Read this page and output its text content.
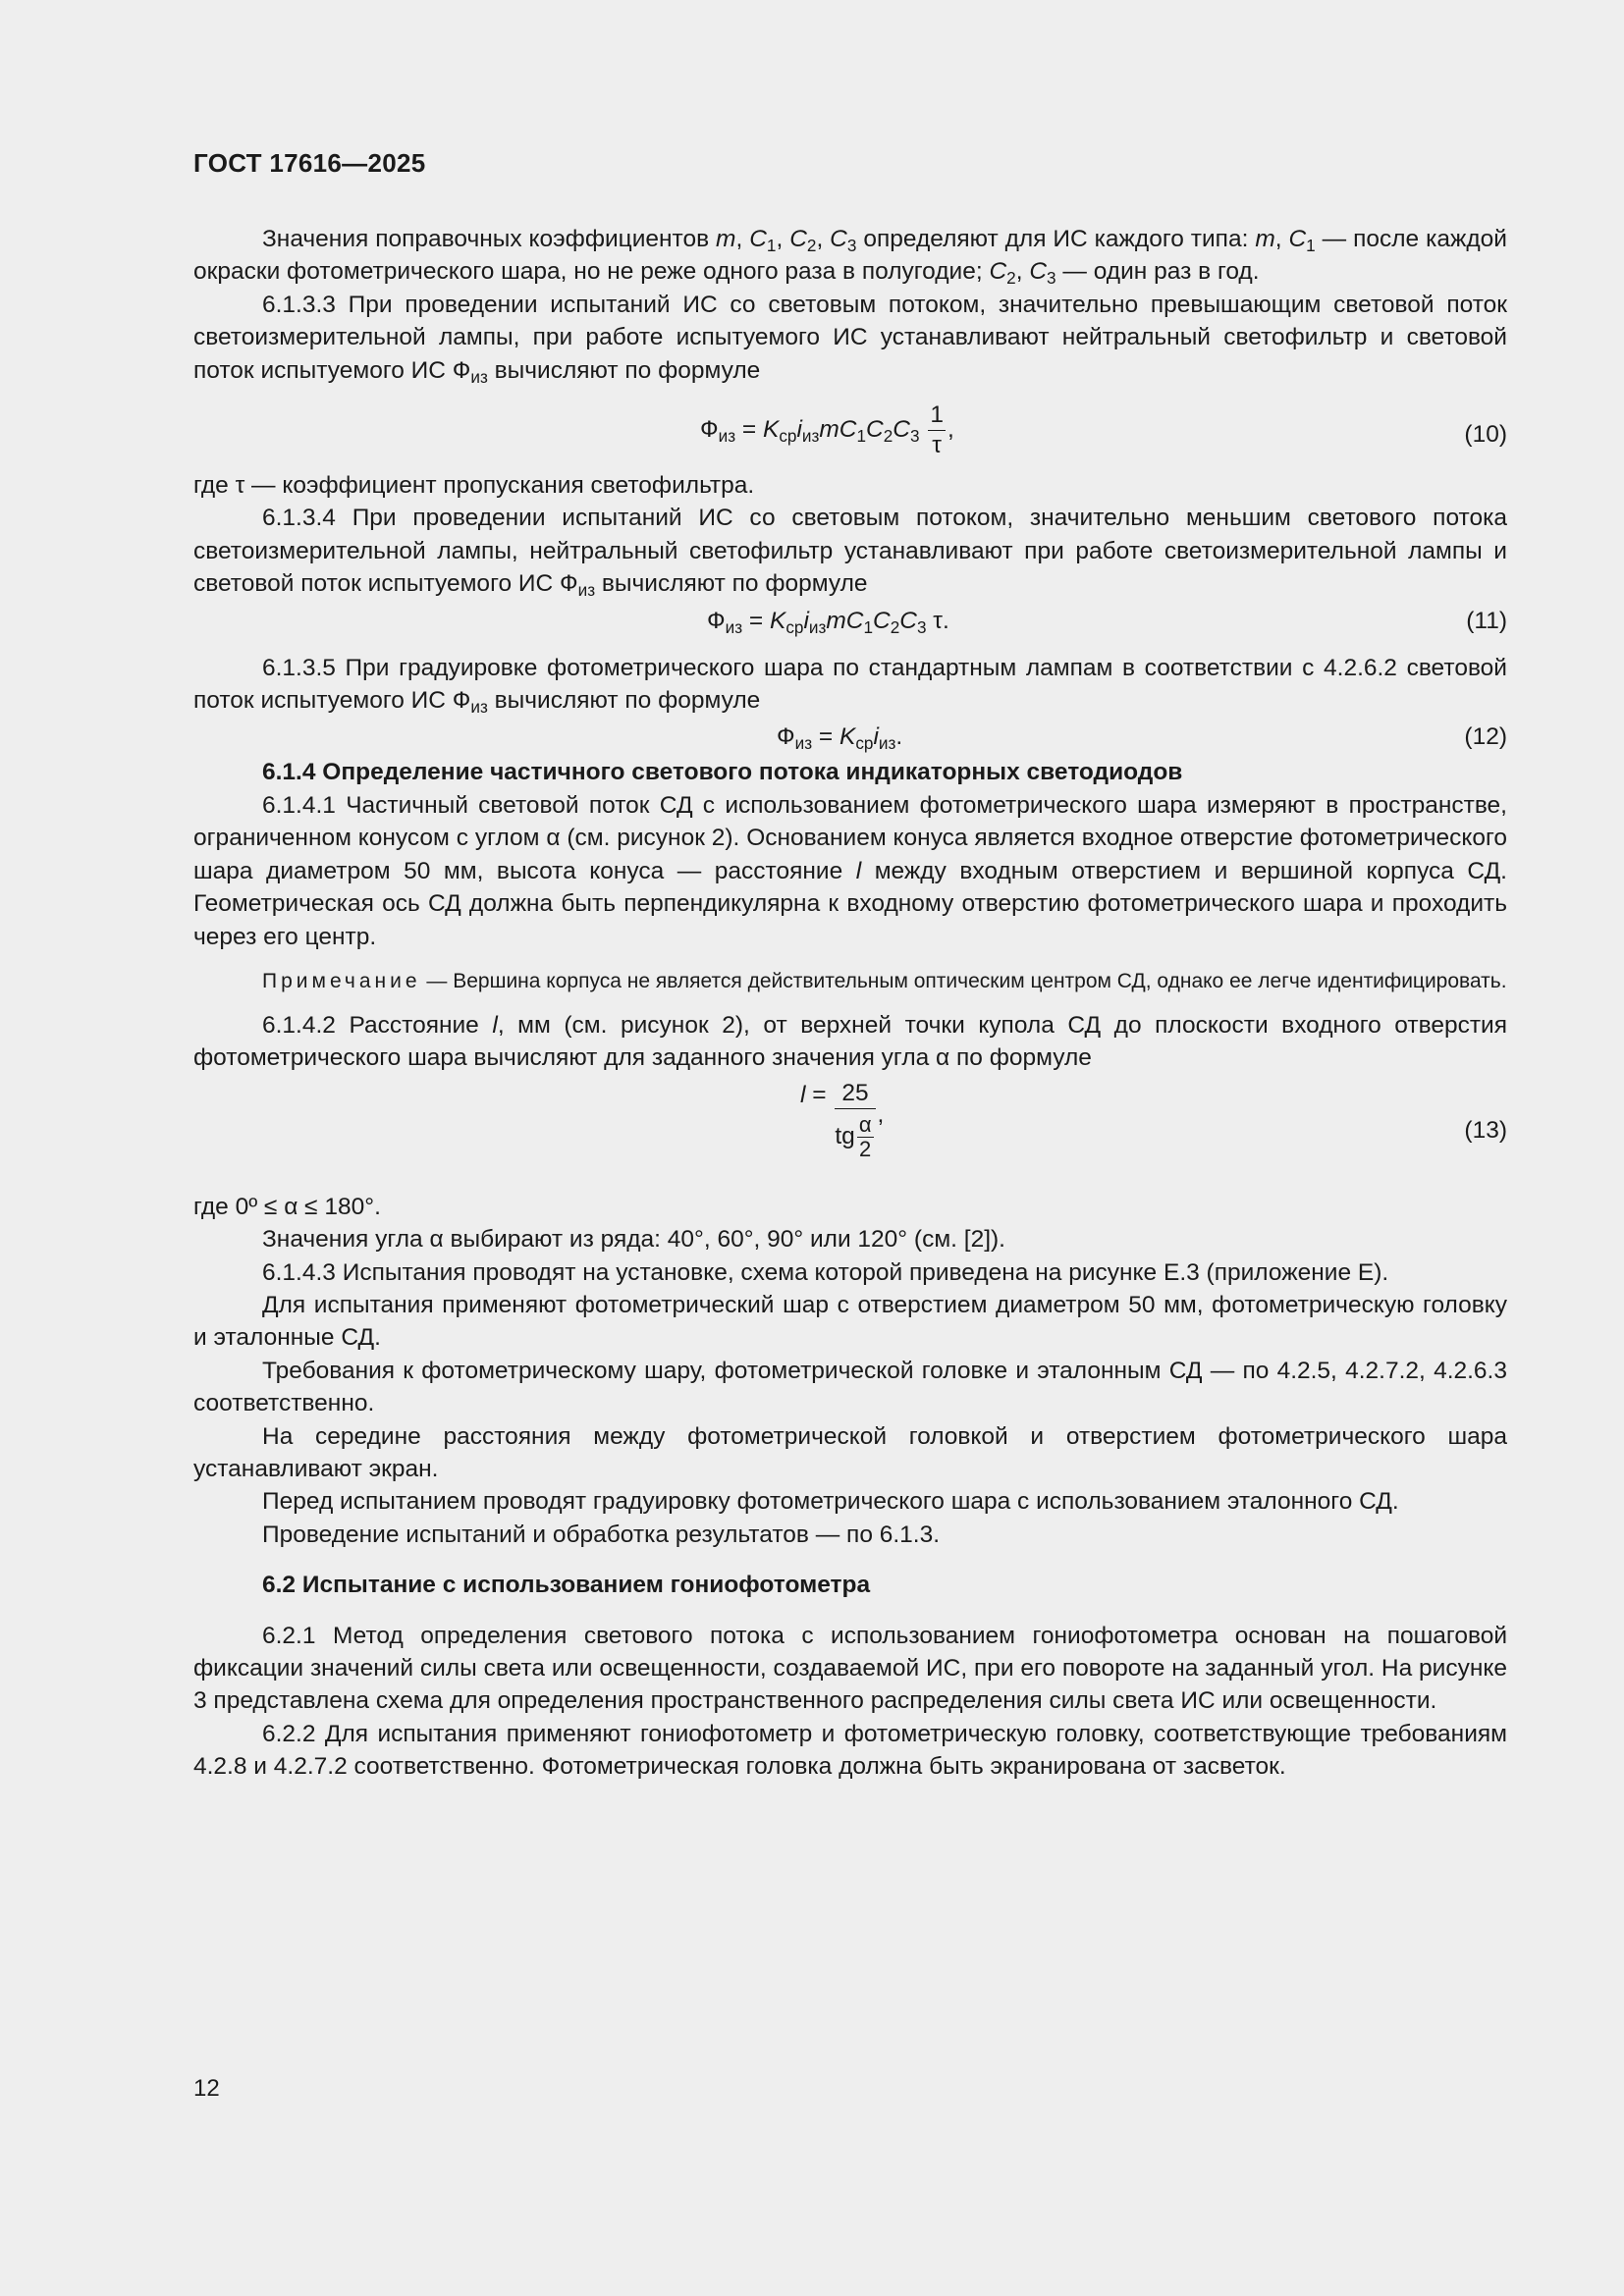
ГОСТ 17616—2025

Значения поправочных коэффициентов m, $C_1$, $C_2$, $C_3$ определяют для ИС каждого типа: m, $C_1$ — после каждой окраски фотометрического шара, но не реже одного раза в полугодие; $C_2$, $C_3$ — один раз в год.

6.1.3.3 При проведении испытаний ИС со световым потоком, значительно превышающим световой поток светоизмерительной лампы, при работе испытуемого ИС устанавливают нейтральный светофильтр и световой поток испытуемого ИС $Ф_{из}$ вычисляют по формуле

$Ф_{из} = K_{ср}i_{из}mC_1C_2C_3 \frac{1}{\tau}$ ,	(10)

где τ — коэффициент пропускания светофильтра.

6.1.3.4 При проведении испытаний ИС со световым потоком, значительно меньшим светового потока светоизмерительной лампы, нейтральный светофильтр устанавливают при работе светоизмерительной лампы и световой поток испытуемого ИС $Ф_{из}$ вычисляют по формуле

$Ф_{из} = K_{ср}i_{из}mC_1C_2C_3$ τ.	(11)

6.1.3.5 При градуировке фотометрического шара по стандартным лампам в соответствии с 4.2.6.2 световой поток испытуемого ИС $Ф_{из}$ вычисляют по формуле

$Ф_{из} = K_{ср}i_{из}$.	(12)

6.1.4 Определение частичного светового потока индикаторных светодиодов

6.1.4.1 Частичный световой поток СД с использованием фотометрического шара измеряют в пространстве, ограниченном конусом с углом α (см. рисунок 2). Основанием конуса является входное отверстие фотометрического шара диаметром 50 мм, высота конуса — расстояние l между входным отверстием и вершиной корпуса СД. Геометрическая ось СД должна быть перпендикулярна к входному отверстию фотометрического шара и проходить через его центр.

Примечание — Вершина корпуса не является действительным оптическим центром СД, однако ее легче идентифицировать.

6.1.4.2 Расстояние l, мм (см. рисунок 2), от верхней точки купола СД до плоскости входного отверстия фотометрического шара вычисляют для заданного значения угла α по формуле

$l = \frac{25}{tg \frac{\alpha}{2}}$ ,
(13)

где 0º ≤ α ≤ 180°.

Значения угла α выбирают из ряда: 40°, 60°, 90° или 120° (см. [2]).

6.1.4.3 Испытания проводят на установке, схема которой приведена на рисунке Е.3 (приложение Е).

Для испытания применяют фотометрический шар с отверстием диаметром 50 мм, фотометрическую головку и эталонные СД.

Требования к фотометрическому шару, фотометрической головке и эталонным СД — по 4.2.5, 4.2.7.2, 4.2.6.3 соответственно.

На середине расстояния между фотометрической головкой и отверстием фотометрического шара устанавливают экран.

Перед испытанием проводят градуировку фотометрического шара с использованием эталонного СД.

Проведение испытаний и обработка результатов — по 6.1.3.

6.2 Испытание с использованием гониофотометра

6.2.1 Метод определения светового потока с использованием гониофотометра основан на пошаговой фиксации значений силы света или освещенности, создаваемой ИС, при его повороте на заданный угол. На рисунке 3 представлена схема для определения пространственного распределения силы света ИС или освещенности.

6.2.2 Для испытания применяют гониофотометр и фотометрическую головку, соответствующие требованиям 4.2.8 и 4.2.7.2 соответственно. Фотометрическая головка должна быть экранирована от засветок.

12
